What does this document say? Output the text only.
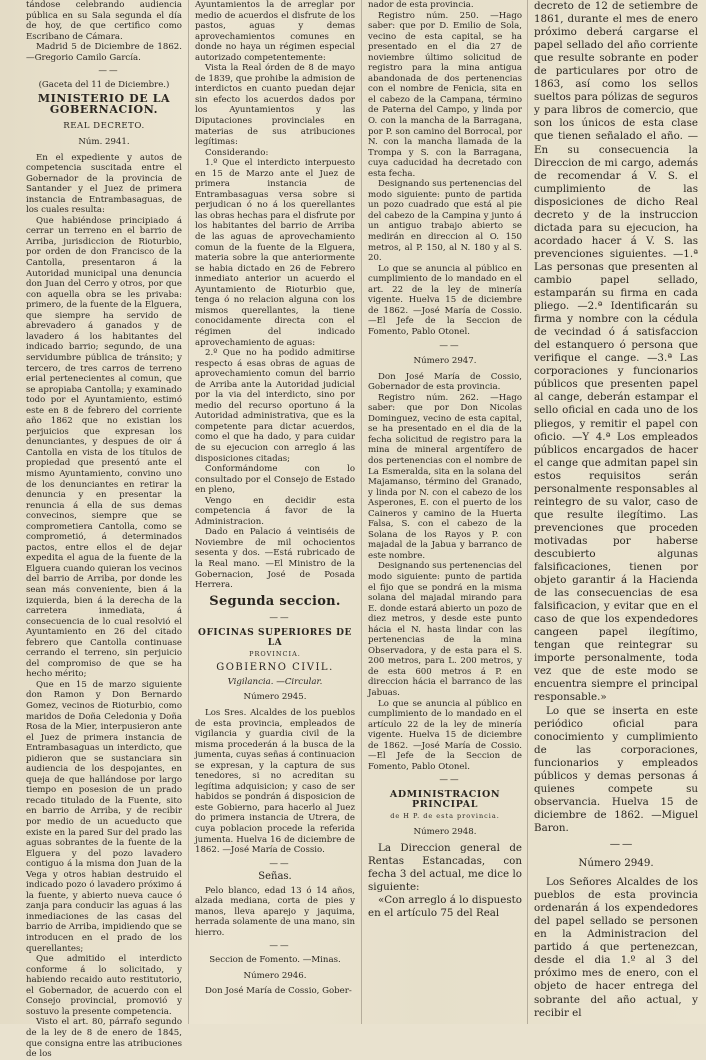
tándose celebrando audiencia pública en su Sala segunda el día de hoy, de que certifico como Escribano de Cámara.

Madrid 5 de Diciembre de 1862. —Gregorio Camilo García.

——

(Gaceta del 11 de Diciembre.)

MINISTERIO DE LA GOBERNACION.

REAL DECRETO.

Núm. 2941.

En el expediente y autos de competencia suscitada entre el Gobernador de la provincia de Santander y el Juez de primera instancia de Entrambasaguas, de los cuales resulta:

Que habiéndose principiado á cerrar un terreno en el barrio de Arriba, jurisdiccion de Rioturbio, por orden de don Francisco de la Cantolla, presentaron á la Autoridad municipal una denuncia don Juan del Cerro y otros, por que con aquella obra se les privaba: primero, de la fuente de la Elguera, que siempre ha servido de abrevadero á ganados y de lavadero á los habitantes del indicado barrio; segundo, de una servidumbre pública de tránsito; y tercero, de tres carros de terreno erial pertenecientes al comun, que se apropiaba Cantolla; y examinado todo por el Ayuntamiento, estimó este en 8 de febrero del corriente año 1862 que no existian los perjuicios que expresan los denunciantes, y despues de oir á Cantolla en vista de los títulos de propiedad que presentó ante el mismo Ayuntamiento, convino uno de los denunciantes en retirar la denuncia y en presentar la renuncia á ella de sus demas convecinos, siempre que se comprometiera Cantolla, como se comprometió, á determinados pactos, entre ellos el de dejar expedita el agua de la fuente de la Elguera cuando quieran los vecinos del barrio de Arriba, por donde les sean más conveniente, bien á la izquierda, bien á la derecha de la carretera inmediata, á consecuencia de lo cual resolvió el Ayuntamiento en 26 del citado febrero que Cantolla continuase cerrando el terreno, sin perjuicio del compromiso de que se ha hecho mérito;

Que en 15 de marzo siguiente don Ramon y Don Bernardo Gomez, vecinos de Rioturbio, como maridos de Doña Celedonia y Doña Rosa de la Mier, interpusieron ante el Juez de primera instancia de Entrambasaguas un interdicto, que pidieron que se sustanciara sin audiencia de los despojantes, en queja de que hallándose por largo tiempo en posesion de un prado recado titulado de la Fuente, sito en barrio de Arriba, y de recibir por medio de un acueducto que existe en la pared Sur del prado las aguas sobrantes de la fuente de la Elguera y del pozo lavadero contiguo á la misma don Juan de la Vega y otros habian destruido el indicado pozo ó lavadero próximo á la fuente, y abierto nueva cauce ó zanja para conducir las aguas á las inmediaciones de las casas del barrio de Arriba, impidiendo que se introducen en el prado de los querellantes;

Que admitido el interdicto conforme á lo solicitado, y habiendo recaido auto restitutorio, el Gobernador, de acuerdo con el Consejo provincial, promovió y sostuvo la presente competencia.

Visto el art. 80, párrafo segundo de la ley de 8 de enero de 1845, que consigna entre las atribuciones de los

Ayuntamientos la de arreglar por medio de acuerdos el disfrute de los pastos, aguas y demas aprovechamientos comunes en donde no haya un régimen especial autorizado competentemente:

Vista la Real órden de 8 de mayo de 1839, que prohibe la admision de interdictos en cuanto puedan dejar sin efecto los acuerdos dados por los Ayuntamientos y las Diputaciones provinciales en materias de sus atribuciones legítimas:

Considerando:

1.º Que el interdicto interpuesto en 15 de Marzo ante el Juez de primera instancia de Entrambasaguas versa sobre si perjudican ó no á los querellantes las obras hechas para el disfrute por los habitantes del barrio de Arriba de las aguas de aprovechamiento comun de la fuente de la Elguera, materia sobre la que anteriormente se habia dictado en 26 de Febrero inmediato anterior un acuerdo el Ayuntamiento de Rioturbio que, tenga ó no relacion alguna con los mismos querellantes, la tiene conocidamente directa con el régimen del indicado aprovechamiento de aguas:

2.º Que no ha podido admitirse respecto á esas obras de aguas de aprovechamiento comun del barrio de Arriba ante la Autoridad judicial por la via del interdicto, sino por medio del recurso oportuno á la Autoridad administrativa, que es la competente para dictar acuerdos, como el que ha dado, y para cuidar de su ejecucion con arreglo á las disposiciones citadas;

Conformándome con lo consultado por el Consejo de Estado en pleno,

Vengo en decidir esta competencia á favor de la Administracion.

Dado en Palacio á veintiséis de Noviembre de mil ochocientos sesenta y dos. —Está rubricado de la Real mano. —El Ministro de la Gobernacion, José de Posada Herrera.

Segunda seccion.

——

OFICINAS SUPERIORES DE LA

PROVINCIA.

GOBIERNO CIVIL.

Vigilancia. —Circular.

Número 2945.

Los Sres. Alcaldes de los pueblos de esta provincia, empleados de vigilancia y guardia civil de la misma procederán á la busca de la jumenta, cuyas señas á continuacion se expresan, y la captura de sus tenedores, si no acreditan su legítima adquisicion; y caso de ser habidos se pondrán á disposicion de este Gobierno, para hacerlo al Juez do primera instancia de Utrera, de cuya poblacion procede la referida jumenta. Huelva 16 de diciembre de 1862. —José María de Cossio.

——

Señas.

Pelo blanco, edad 13 ó 14 años, alzada mediana, corta de pies y manos, lleva aparejo y jaquima, herrada solamente de una mano, sin hierro.

——

Seccion de Fomento. —Minas.

Número 2946.

Don José María de Cossio, Gober-

nador de esta provincia.

Registro núm. 250. —Hago saber: que por D. Emilio de Sola, vecino de esta capital, se ha presentado en el dia 27 de noviembre último solicitud de registro para la mina antigua abandonada de dos pertenencias con el nombre de Fenicia, sita en el cabezo de la Campana, término de Paterna del Campo, y linda por O. con la mancha de la Barragana, por P. son camino del Borrocal, por N. con la mancha llamada de la Trompa y S. con la Barragana, cuya caducidad ha decretado con esta fecha.

Designando sus pertenencias del modo siguiente: punto de partida un pozo cuadrado que está al pie del cabezo de la Campina y junto á un antiguo trabajo abierto se medirán en direccion al O. 150 metros, al P. 150, al N. 180 y al S. 20.

Lo que se anuncia al público en cumplimiento de lo mandado en el art. 22 de la ley de minería vigente. Huelva 15 de diciembre de 1862. —José María de Cossio. —El Jefe de la Seccion de Fomento, Pablo Otonel.

——

Número 2947.

Don José María de Cossio, Gobernador de esta provincia.

Registro núm. 262. —Hago saber: que por Don Nicolas Dominguez, vecino de esta capital, se ha presentado en el dia de la fecha solicitud de registro para la mina de mineral argentífero de dos pertenencias con el nombre de La Esmeralda, sita en la solana del Majamanso, término del Granado, y linda por N. con el cabezo de los Asperones, E. con el puerto de los Caineros y camino de la Huerta Falsa, S. con el cabezo de la Solana de los Rayos y P. con majadal de la Jabua y barranco de este nombre.

Designando sus pertenencias del modo siguiente: punto de partida el fijo que se pondrá en la misma solana del majadal mirando para E. donde estará abierto un pozo de diez metros, y desde este punto hácia el N. hasta lindar con las pertenencias de la mina Observadora, y de esta para el S. 200 metros, para L. 200 metros, y de esta 600 metros á P. en direccion hácia el barranco de las Jabuas.

Lo que se anuncia al público en cumplimiento de lo mandado en el artículo 22 de la ley de minería vigente. Huelva 15 de diciembre de 1862. —José María de Cossio. —El Jefe de la Seccion de Fomento, Pablo Otonel.

——

ADMINISTRACION PRINCIPAL

de H P. de esta provincia.

Número 2948.

La Direccion general de Rentas Estancadas, con fecha 3 del actual, me dice lo siguiente:

«Con arreglo á lo dispuesto en el artículo 75 del Real

decreto de 12 de setiembre de 1861, durante el mes de enero próximo deberá cargarse el papel sellado del año corriente que resulte sobrante en poder de particulares por otro de 1863, así como los sellos sueltos para pólizas de seguros y para libros de comercio, que son los únicos de esta clase que tienen señalado el año. —En su consecuencia la Direccion de mi cargo, además de recomendar á V. S. el cumplimiento de las disposiciones de dicho Real decreto y de la instruccion dictada para su ejecucion, ha acordado hacer á V. S. las prevenciones siguientes. —1.ª Las personas que presenten al cambio papel sellado, estamparán su firma en cada pliego. —2.ª Identificarán su firma y nombre con la cédula de vecindad ó á satisfaccion del estanquero ó persona que verifique el cange. —3.ª Las corporaciones y funcionarios públicos que presenten papel al cange, deberán estampar el sello oficial en cada uno de los pliegos, y remitir el papel con oficio. —Y 4.ª Los empleados públicos encargados de hacer el cange que admitan papel sin estos requisitos serán personalmente responsables al reintegro de su valor, caso de que resulte ilegítimo. Las prevenciones que proceden motivadas por haberse descubierto algunas falsificaciones, tienen por objeto garantir á la Hacienda de las consecuencias de esa falsificacion, y evitar que en el caso de que los expendedores cangeen papel ilegítimo, tengan que reintegrar su importe personalmente, toda vez que de este modo se encuentra siempre el principal responsable.»

Lo que se inserta en este periódico oficial para conocimiento y cumplimiento de las corporaciones, funcionarios y empleados públicos y demas personas á quienes compete su observancia. Huelva 15 de diciembre de 1862. —Miguel Baron.

——

Número 2949.

Los Señores Alcaldes de los pueblos de esta provincia ordenarán á los expendedores del papel sellado se personen en la Administracion del partido á que pertenezcan, desde el dia 1.º al 3 del próximo mes de enero, con el objeto de hacer entrega del sobrante del año actual, y recibir el
